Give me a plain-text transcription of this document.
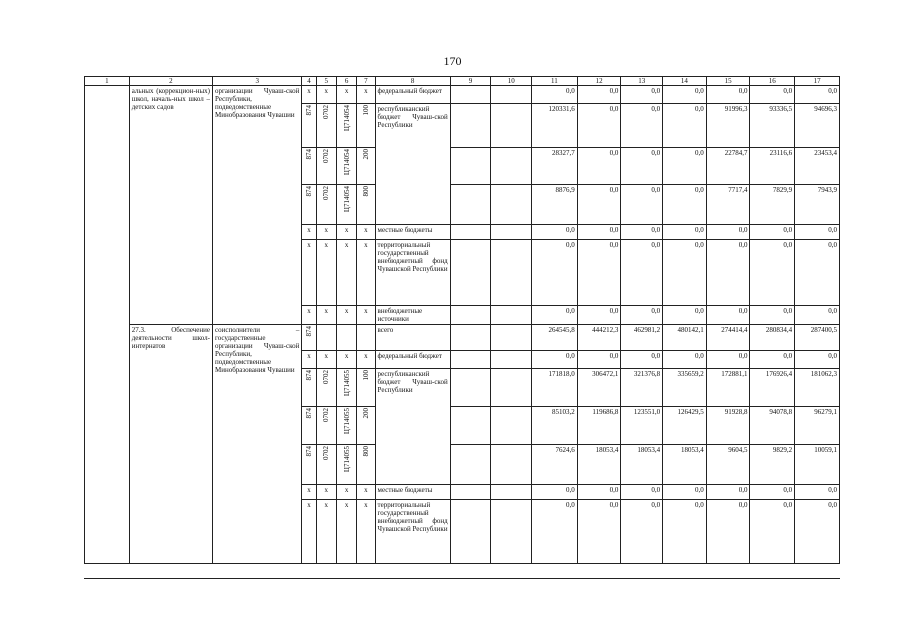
170
1	2	3	4	5	6	7	8	9	10	11	12	13	14	15	16	17
	альных (коррекцион-ных) школ, началь-ных школ – детских садов	организации Чуваш-ской Республики, подведомственные Минобразования Чувашии	x	x	x	x	федеральный бюджет			0,0	0,0	0,0	0,0	0,0	0,0	0,0
			874	0702	Ц714054	100	республиканский бюджет Чуваш-ской Республики			120331,6	0,0	0,0	0,0	91996,3	93336,5	94696,3
			874	0702	Ц714054	200				28327,7	0,0	0,0	0,0	22784,7	23116,6	23453,4
			874	0702	Ц714054	800				8876,9	0,0	0,0	0,0	7717,4	7829,9	7943,9
			x	x	x	x	местные бюджеты			0,0	0,0	0,0	0,0	0,0	0,0	0,0
			x	x	x	x	территориальный государственный внебюджетный фонд Чувашской Республики			0,0	0,0	0,0	0,0	0,0	0,0	0,0
			x	x	x	x	внебюджетные источники			0,0	0,0	0,0	0,0	0,0	0,0	0,0
	27.3. Обеспечение деятельности школ-интернатов	соисполнители – государственные организации Чуваш-ской Республики, подведомственные Минобразования Чувашии	874				всего			264545,8	444212,3	462981,2	480142,1	274414,4	280834,4	287400,5
			x	x	x	x	федеральный бюджет			0,0	0,0	0,0	0,0	0,0	0,0	0,0
			874	0702	Ц714055	100	республиканский бюджет Чуваш-ской Республики			171818,0	306472,1	321376,8	335659,2	172881,1	176926,4	181062,3
			874	0702	Ц714055	200				85103,2	119686,8	123551,0	126429,5	91928,8	94078,8	96279,1
			874	0702	Ц714055	800				7624,6	18053,4	18053,4	18053,4	9604,5	9829,2	10059,1
			x	x	x	x	местные бюджеты			0,0	0,0	0,0	0,0	0,0	0,0	0,0
			x	x	x	x	территориальный государственный внебюджетный фонд Чувашской Республики			0,0	0,0	0,0	0,0	0,0	0,0	0,0
